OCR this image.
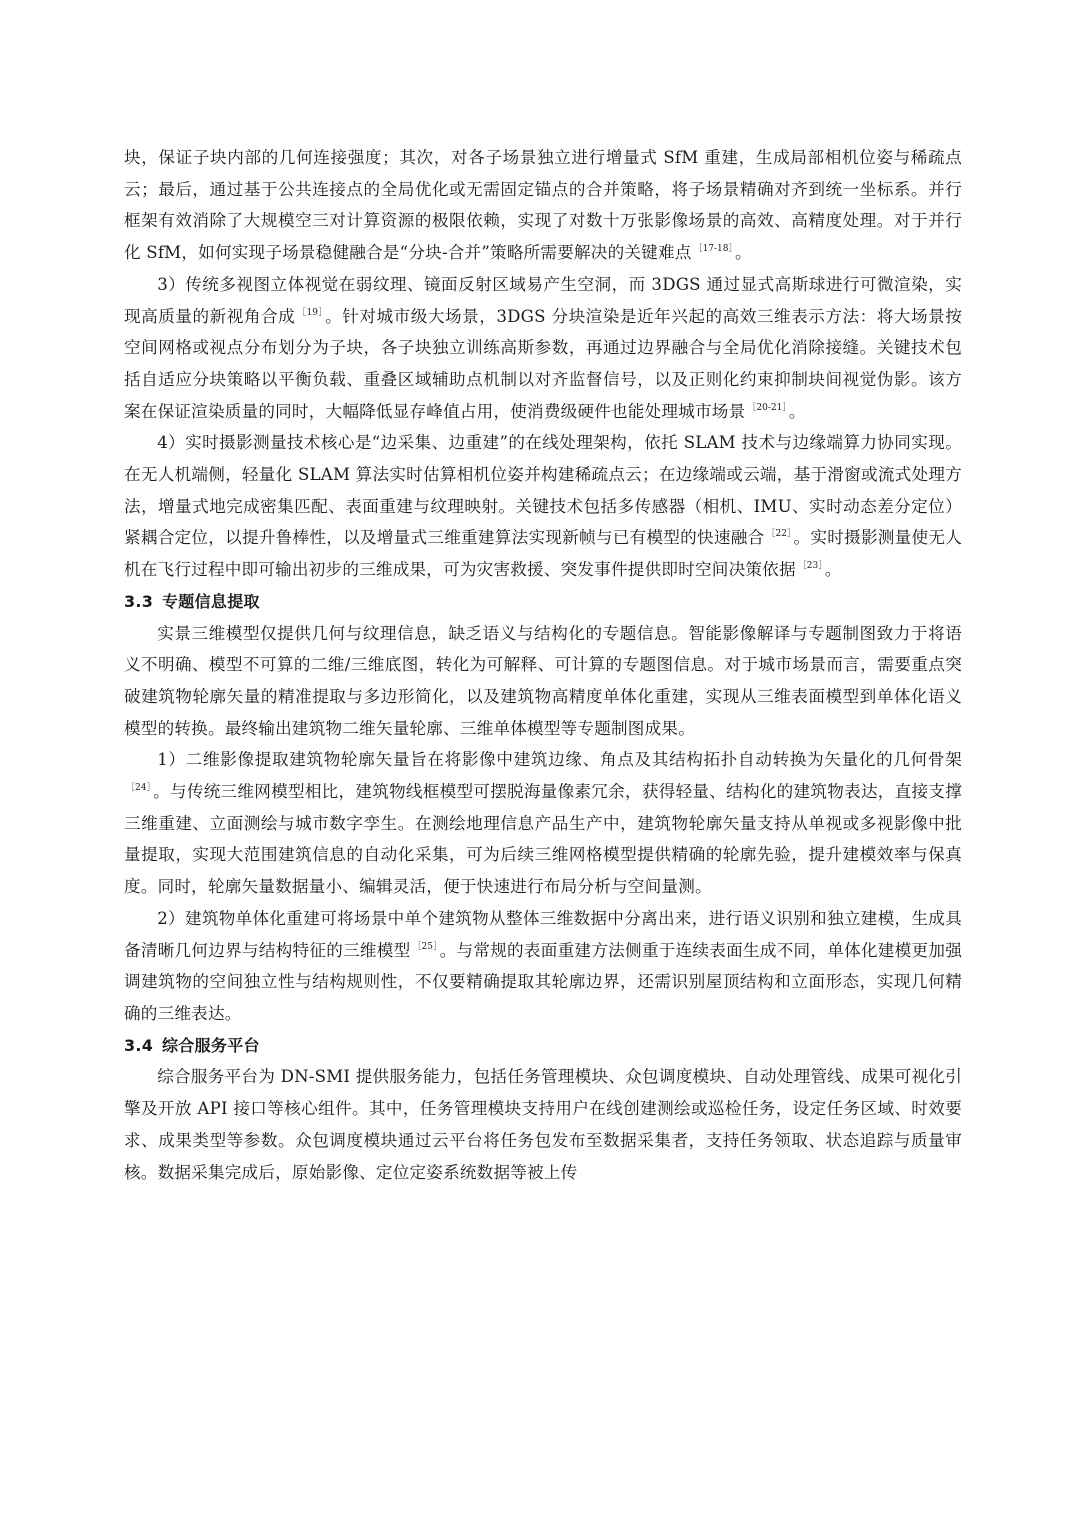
块，保证子块内部的几何连接强度；其次，对各子场景独立进行增量式 SfM 重建，生成局部相机位姿与稀疏点云；最后，通过基于公共连接点的全局优化或无需固定锚点的合并策略，将子场景精确对齐到统一坐标系。并行框架有效消除了大规模空三对计算资源的极限依赖，实现了对数十万张影像场景的高效、高精度处理。对于并行化 SfM，如何实现子场景稳健融合是“分块-合并”策略所需要解决的关键难点 $^{[17-18]}$ 。

3）传统多视图立体视觉在弱纹理、镜面反射区域易产生空洞，而 3DGS 通过显式高斯球进行可微渲染，实现高质量的新视角合成 $^{[19]}$ 。针对城市级大场景，3DGS 分块渲染是近年兴起的高效三维表示方法：将大场景按空间网格或视点分布划分为子块，各子块独立训练高斯参数，再通过边界融合与全局优化消除接缝。关键技术包括自适应分块策略以平衡负载、重叠区域辅助点机制以对齐监督信号，以及正则化约束抑制块间视觉伪影。该方案在保证渲染质量的同时，大幅降低显存峰值占用，使消费级硬件也能处理城市场景 $^{[20-21]}$ 。

4）实时摄影测量技术核心是“边采集、边重建”的在线处理架构，依托 SLAM 技术与边缘端算力协同实现。在无人机端侧，轻量化 SLAM 算法实时估算相机位姿并构建稀疏点云；在边缘端或云端，基于滑窗或流式处理方法，增量式地完成密集匹配、表面重建与纹理映射。关键技术包括多传感器（相机、IMU、实时动态差分定位）紧耦合定位，以提升鲁棒性，以及增量式三维重建算法实现新帧与已有模型的快速融合 $^{[22]}$ 。实时摄影测量使无人机在飞行过程中即可输出初步的三维成果，可为灾害救援、突发事件提供即时空间决策依据 $^{[23]}$ 。

3.3 专题信息提取

实景三维模型仅提供几何与纹理信息，缺乏语义与结构化的专题信息。智能影像解译与专题制图致力于将语义不明确、模型不可算的二维/三维底图，转化为可解释、可计算的专题图信息。对于城市场景而言，需要重点突破建筑物轮廓矢量的精准提取与多边形简化，以及建筑物高精度单体化重建，实现从三维表面模型到单体化语义模型的转换。最终输出建筑物二维矢量轮廓、三维单体模型等专题制图成果。

1）二维影像提取建筑物轮廓矢量旨在将影像中建筑边缘、角点及其结构拓扑自动转换为矢量化的几何骨架$^{[24]}$ 。与传统三维网模型相比，建筑物线框模型可摆脱海量像素冗余，获得轻量、结构化的建筑物表达，直接支撑三维重建、立面测绘与城市数字孪生。在测绘地理信息产品生产中，建筑物轮廓矢量支持从单视或多视影像中批量提取，实现大范围建筑信息的自动化采集，可为后续三维网格模型提供精确的轮廓先验，提升建模效率与保真度。同时，轮廓矢量数据量小、编辑灵活，便于快速进行布局分析与空间量测。

2）建筑物单体化重建可将场景中单个建筑物从整体三维数据中分离出来，进行语义识别和独立建模，生成具备清晰几何边界与结构特征的三维模型 $^{[25]}$ 。与常规的表面重建方法侧重于连续表面生成不同，单体化建模更加强调建筑物的空间独立性与结构规则性，不仅要精确提取其轮廓边界，还需识别屋顶结构和立面形态，实现几何精确的三维表达。

3.4 综合服务平台

综合服务平台为 DN-SMI 提供服务能力，包括任务管理模块、众包调度模块、自动处理管线、成果可视化引擎及开放 API 接口等核心组件。其中，任务管理模块支持用户在线创建测绘或巡检任务，设定任务区域、时效要求、成果类型等参数。众包调度模块通过云平台将任务包发布至数据采集者，支持任务领取、状态追踪与质量审核。数据采集完成后，原始影像、定位定姿系统数据等被上传
